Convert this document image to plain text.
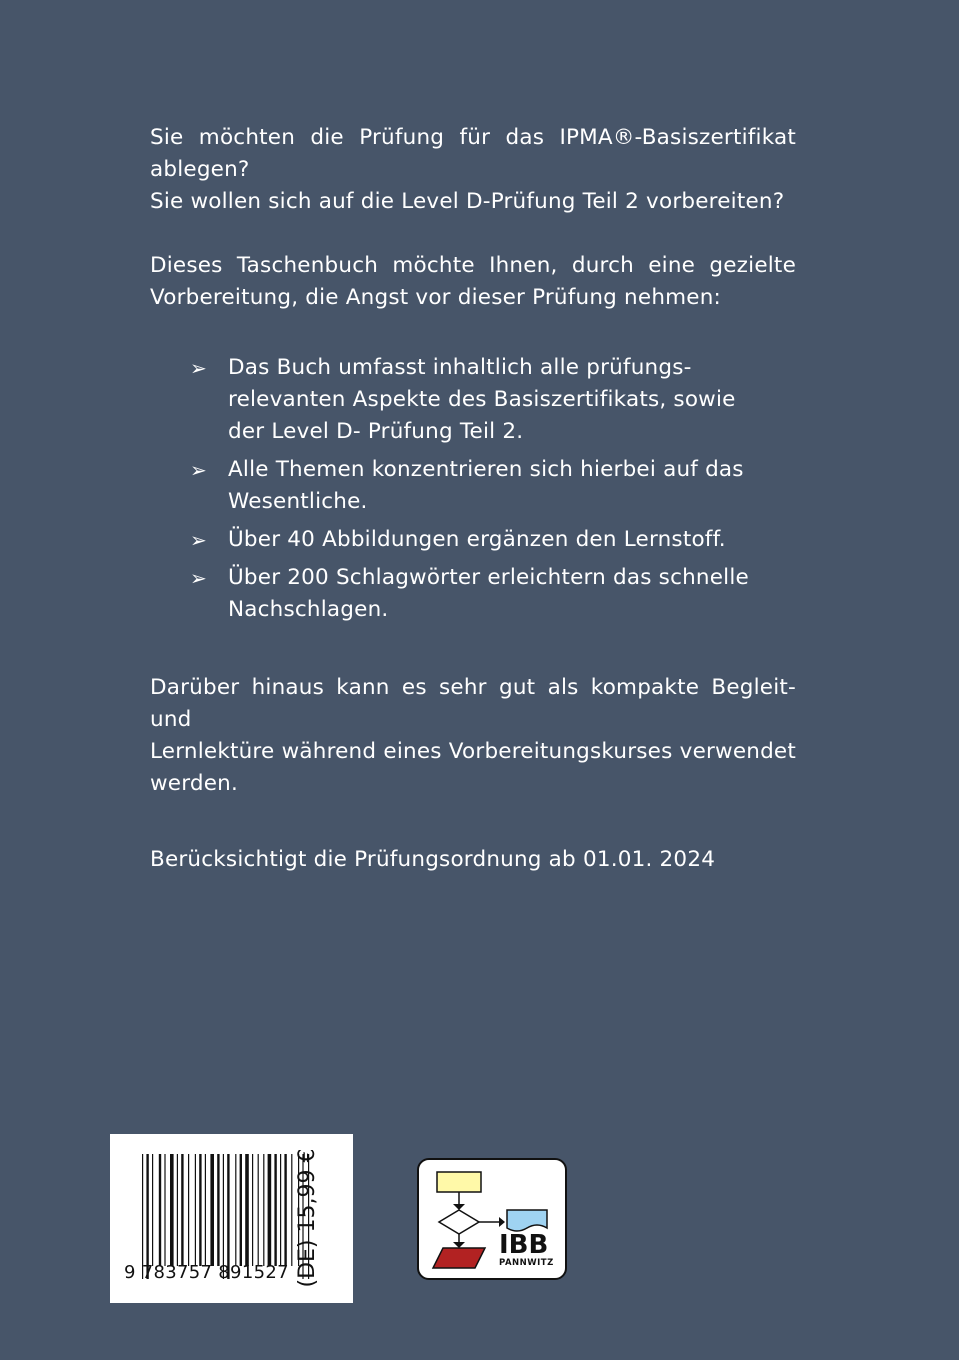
Sie möchten die Prüfung für das IPMA®-Basiszertifikat

ablegen?

Sie wollen sich auf die Level D-Prüfung Teil 2 vorbereiten?

Dieses Taschenbuch möchte Ihnen, durch eine gezielte

Vorbereitung, die Angst vor dieser Prüfung nehmen:

➢ Das Buch umfasst inhaltlich alle prüfungs-
relevanten Aspekte des Basiszertifikats, sowie
der Level D- Prüfung Teil 2.
➢ Alle Themen konzentrieren sich hierbei auf das
Wesentliche.
➢ Über 40 Abbildungen ergänzen den Lernstoff.
➢ Über 200 Schlagwörter erleichtern das schnelle
Nachschlagen.

Darüber hinaus kann es sehr gut als kompakte Begleit- und

Lernlektüre während eines Vorbereitungskurses verwendet

werden.

Berücksichtigt die Prüfungsordnung ab 01.01. 2024

9 783757 891527 (DE) 15,99 €	IBB
PANNWITZ
